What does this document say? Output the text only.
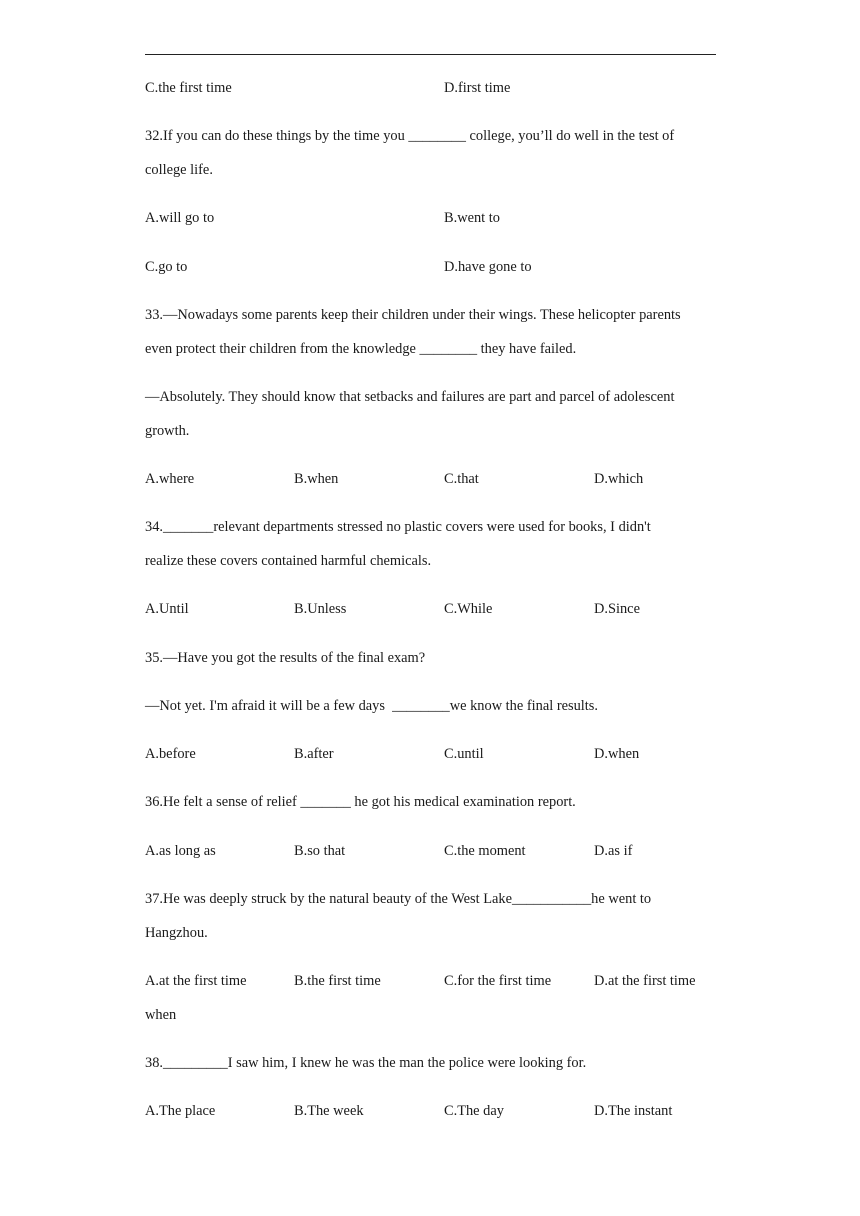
C.the first time	D.first time
32.If you can do these things by the time you ________ college, you’ll do well in the test of
college life.
A.will go to	B.went to
C.go to	D.have gone to
33.—Nowadays some parents keep their children under their wings. These helicopter parents
even protect their children from the knowledge ________ they have failed.
—Absolutely. They should know that setbacks and failures are part and parcel of adolescent
growth.
A.where	B.when	C.that	D.which
34._______relevant departments stressed no plastic covers were used for books, I didn't
realize these covers contained harmful chemicals.
A.Until	B.Unless	C.While	D.Since
35.—Have you got the results of the final exam?
—Not yet. I'm afraid it will be a few days  ________we know the final results.
A.before	B.after	C.until	D.when
36.He felt a sense of relief _______ he got his medical examination report.
A.as long as	B.so that	C.the moment	D.as if
37.He was deeply struck by the natural beauty of the West Lake___________he went to
Hangzhou.
A.at the first time	B.the first time	C.for the first time	D.at the first time
when
38._________I saw him, I knew he was the man the police were looking for.
A.The place	B.The week	C.The day	D.The instant
